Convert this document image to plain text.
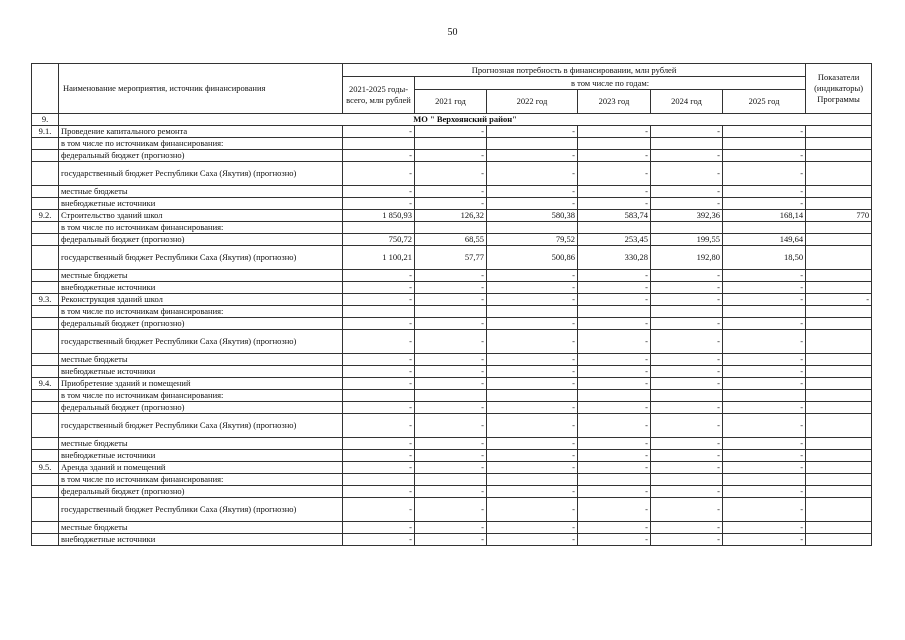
50
	Наименование мероприятия, источник финансирования	Прогнозная потребность в финансировании, млн рублей						Показатели (индикаторы) Программы
		2021-2025 годы- всего, млн рублей	в том числе по годам:					
			2021 год	2022 год	2023 год	2024 год	2025 год	
9.	МО " Верхоянский район"							
9.1.	Проведение капитального ремонта	-	-	-	-	-	-	
	в том числе по источникам финансирования:							
	федеральный бюджет (прогнозно)	-	-	-	-	-	-	
	государственный бюджет Республики Саха (Якутия) (прогнозно)	-	-	-	-	-	-	
	местные бюджеты	-	-	-	-	-	-	
	внебюджетные источники	-	-	-	-	-	-	
9.2.	Строительство зданий школ	1 850,93	126,32	580,38	583,74	392,36	168,14	770
	в том числе по источникам финансирования:							
	федеральный бюджет (прогнозно)	750,72	68,55	79,52	253,45	199,55	149,64	
	государственный бюджет Республики Саха (Якутия) (прогнозно)	1 100,21	57,77	500,86	330,28	192,80	18,50	
	местные бюджеты	-	-	-	-	-	-	
	внебюджетные источники	-	-	-	-	-	-	
9.3.	Реконструкция зданий школ	-	-	-	-	-	-	-
	в том числе по источникам финансирования:							
	федеральный бюджет (прогнозно)	-	-	-	-	-	-	
	государственный бюджет Республики Саха (Якутия) (прогнозно)	-	-	-	-	-	-	
	местные бюджеты	-	-	-	-	-	-	
	внебюджетные источники	-	-	-	-	-	-	
9.4.	Приобретение зданий и помещений	-	-	-	-	-	-	
	в том числе по источникам финансирования:							
	федеральный бюджет (прогнозно)	-	-	-	-	-	-	
	государственный бюджет Республики Саха (Якутия) (прогнозно)	-	-	-	-	-	-	
	местные бюджеты	-	-	-	-	-	-	
	внебюджетные источники	-	-	-	-	-	-	
9.5.	Аренда зданий и помещений	-	-	-	-	-	-	
	в том числе по источникам финансирования:							
	федеральный бюджет (прогнозно)	-	-	-	-	-	-	
	государственный бюджет Республики Саха (Якутия) (прогнозно)	-	-	-	-	-	-	
	местные бюджеты	-	-	-	-	-	-	
	внебюджетные источники	-	-	-	-	-	-	
